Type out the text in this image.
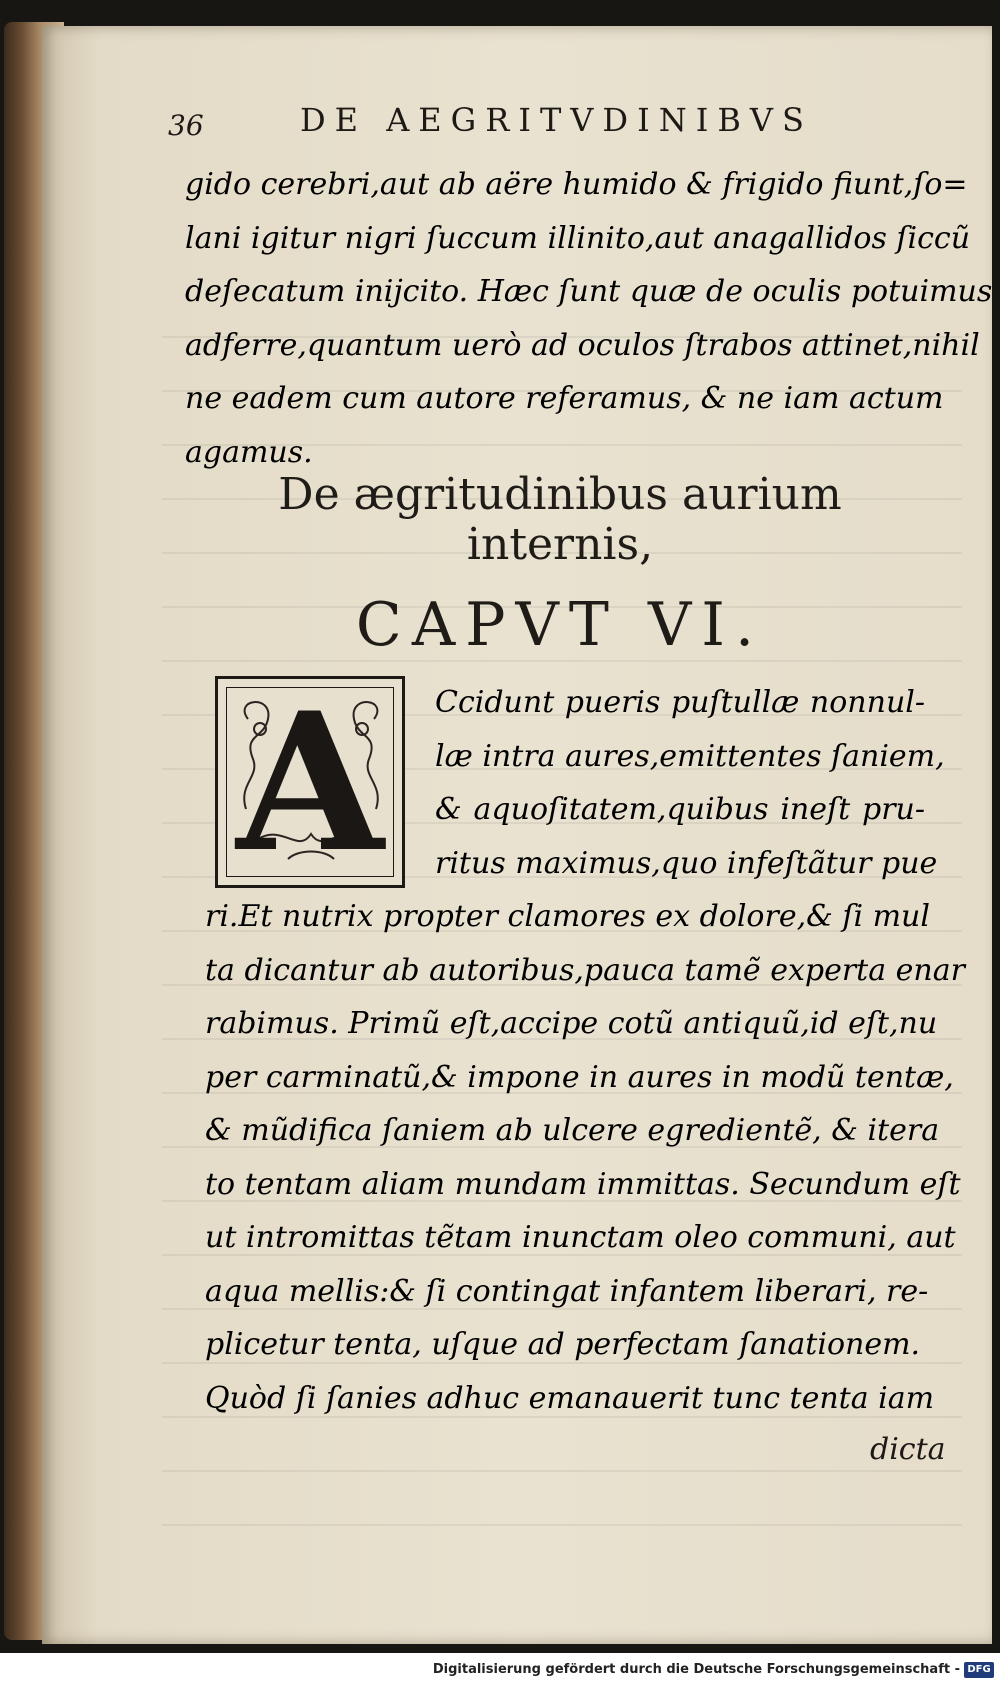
36	DE AEGRITVDINIBVS
gido cerebri,aut ab aëre humido & frigido fiunt,ſo=
lani igitur nigri ſuccum illinito,aut anagallidos ſiccũ
deſecatum inijcito. Hæc ſunt quæ de oculis potuimus
adferre,quantum uerò ad oculos ſtrabos attinet,nihil
ne eadem cum autore referamus, & ne iam actum
agamus.
De ægritudinibus aurium
internis,
CAPVT VI.
A	Ccidunt pueris puſtullæ nonnul-
læ intra aures,emittentes ſaniem,
& aquoſitatem,quibus ineſt pru-
ritus maximus,quo infeſtãtur pue
ri.Et nutrix propter clamores ex dolore,& ſi mul
ta dicantur ab autoribus,pauca tamẽ experta enar
rabimus. Primũ eſt,accipe cotũ antiquũ,id eſt,nu
per carminatũ,& impone in aures in modũ tentæ,
& mũdifica ſaniem ab ulcere egredientẽ, & itera
to tentam aliam mundam immittas. Secundum eſt
ut intromittas tẽtam inunctam oleo communi, aut
aqua mellis:& ſi contingat infantem liberari, re-
plicetur tenta, uſque ad perfectam ſanationem.
Quòd ſi ſanies adhuc emanauerit tunc tenta iam
dicta
Digitalisierung gefördert durch die Deutsche Forschungsgemeinschaft - DFG
